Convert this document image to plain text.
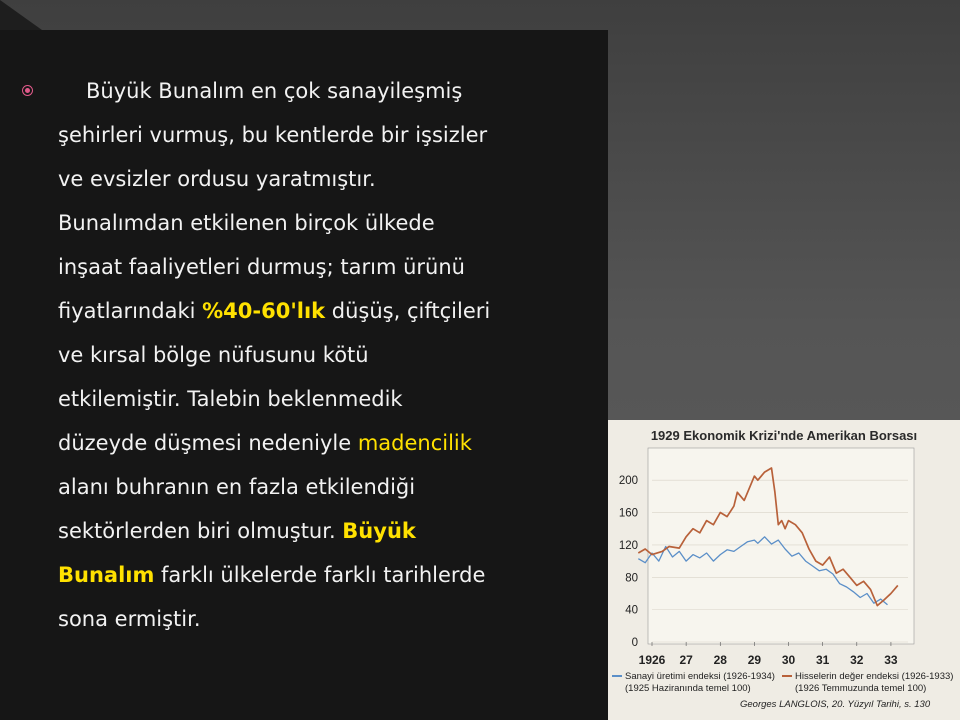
Büyük Bunalım en çok sanayileşmiş
şehirleri vurmuş, bu kentlerde bir işsizler
ve evsizler ordusu yaratmıştır.
Bunalımdan etkilenen birçok ülkede
inşaat faaliyetleri durmuş; tarım ürünü
fiyatlarındaki %40-60'lık düşüş, çiftçileri
ve kırsal bölge nüfusunu kötü
etkilemiştir. Talebin beklenmedik
düzeyde düşmesi nedeniyle madencilik
alanı buhranın en fazla etkilendiği
sektörlerden biri olmuştur. Büyük
Bunalım farklı ülkelerde farklı tarihlerde
sona ermiştir.
0
40
80
120
160
200
1926 27 28 29 30 31 32 33
1929 Ekonomik Krizi'nde Amerikan Borsası
Sanayi üretimi endeksi (1926-1934)
(1925 Haziranında temel 100)
Hisselerin değer endeksi (1926-1933)
(1926 Temmuzunda temel 100)
Georges LANGLOIS, 20. Yüzyıl Tarihi, s. 130
